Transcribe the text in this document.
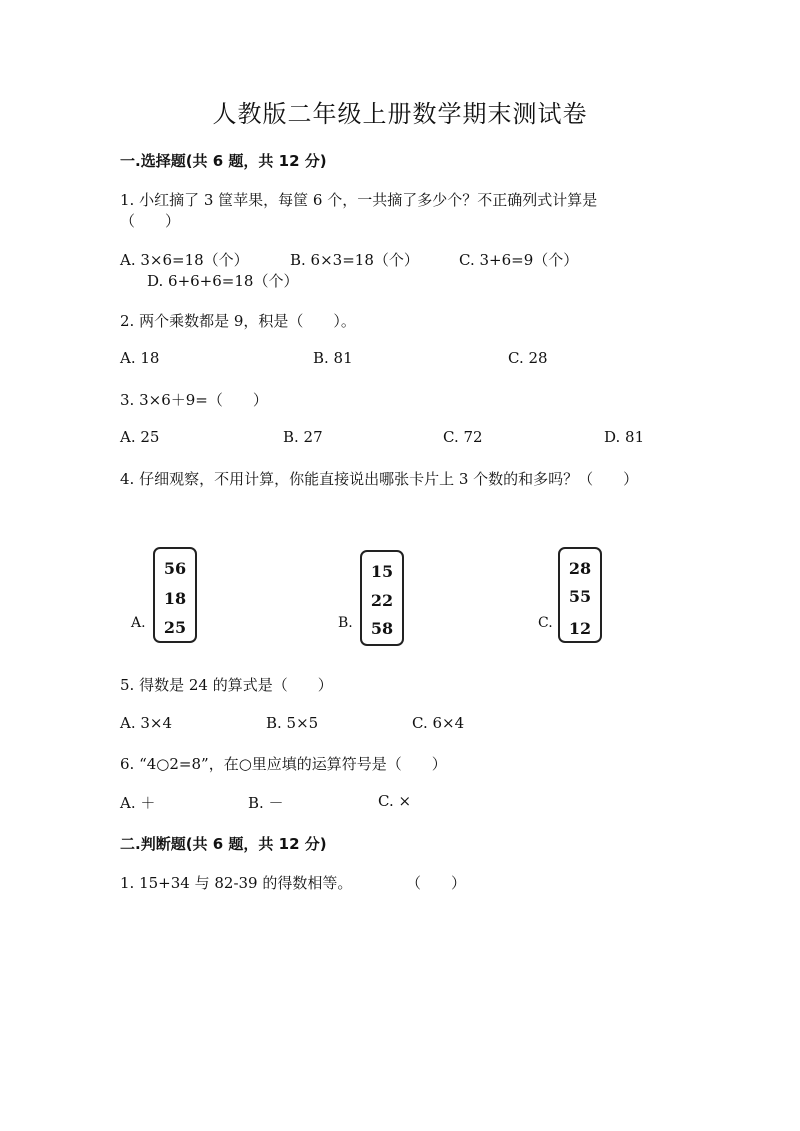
人教版二年级上册数学期末测试卷
一.选择题(共 6 题，共 12 分)
1. 小红摘了 3 筐苹果，每筐 6 个，一共摘了多少个？不正确列式计算是
（　　）
A. 3×6=18（个）	B. 6×3=18（个）	C. 3+6=9（个）
D. 6+6+6=18（个）
2. 两个乘数都是 9，积是（　　）。
A. 18	B. 81	C. 28
3. 3×6＋9=（　　）
A. 25	B. 27	C. 72	D. 81
4. 仔细观察，不用计算，你能直接说出哪张卡片上 3 个数的和多吗？（　　）
A.
56
18
25	B.
15
22
58	C.
28
55
12
5. 得数是 24 的算式是（　　）
A. 3×4	B. 5×5	C. 6×4
6. “4○2=8”，在○里应填的运算符号是（　　）
A. ＋	B. －	C. ×
二.判断题(共 6 题，共 12 分)
1. 15+34 与 82-39 的得数相等。	（　　）
